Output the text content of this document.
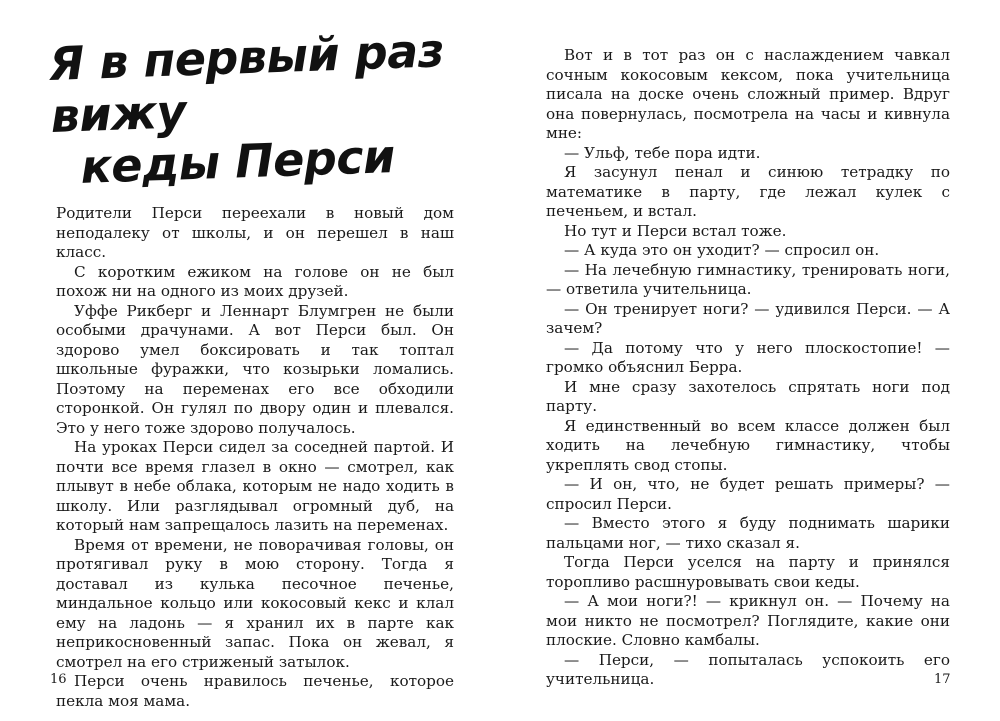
Я в первый раз вижу
кеды Перси

Родители Перси переехали в новый дом неподалеку от школы, и он перешел в наш класс.

С коротким ежиком на голове он не был похож ни на одного из моих друзей.

Уффе Рикберг и Леннарт Блумгрен не были особыми драчунами. А вот Перси был. Он здорово умел боксировать и так топтал школьные фуражки, что козырьки ломались. Поэтому на переменах его все обходили сторонкой. Он гулял по двору один и плевался. Это у него тоже здорово получалось.

На уроках Перси сидел за соседней партой. И почти все время глазел в окно — смотрел, как плывут в небе облака, которым не надо ходить в школу. Или разглядывал огромный дуб, на который нам запрещалось лазить на переменах.

Время от времени, не поворачивая головы, он протягивал руку в мою сторону. Тогда я доставал из кулька песочное печенье, миндальное кольцо или кокосовый кекс и клал ему на ладонь — я хранил их в парте как неприкосновенный запас. Пока он жевал, я смотрел на его стриженый затылок.

Перси очень нравилось печенье, которое пекла моя мама.

16

Вот и в тот раз он с наслаждением чавкал сочным кокосовым кексом, пока учительница писала на доске очень сложный пример. Вдруг она повернулась, посмотрела на часы и кивнула мне:

— Ульф, тебе пора идти.

Я засунул пенал и синюю тетрадку по математике в парту, где лежал кулек с печеньем, и встал.

Но тут и Перси встал тоже.

— А куда это он уходит? — спросил он.

— На лечебную гимнастику, тренировать ноги, — ответила учительница.

— Он тренирует ноги? — удивился Перси. — А зачем?

— Да потому что у него плоскостопие! — громко объяснил Берра.

И мне сразу захотелось спрятать ноги под парту.

Я единственный во всем классе должен был ходить на лечебную гимнастику, чтобы укреплять свод стопы.

— И он, что, не будет решать примеры? — спросил Перси.

— Вместо этого я буду поднимать шарики пальцами ног, — тихо сказал я.

Тогда Перси уселся на парту и принялся торопливо расшнуровывать свои кеды.

— А мои ноги?! — крикнул он. — Почему на мои никто не посмотрел? Поглядите, какие они плоские. Словно камбалы.

— Перси, — попыталась успокоить его учительница.	17
